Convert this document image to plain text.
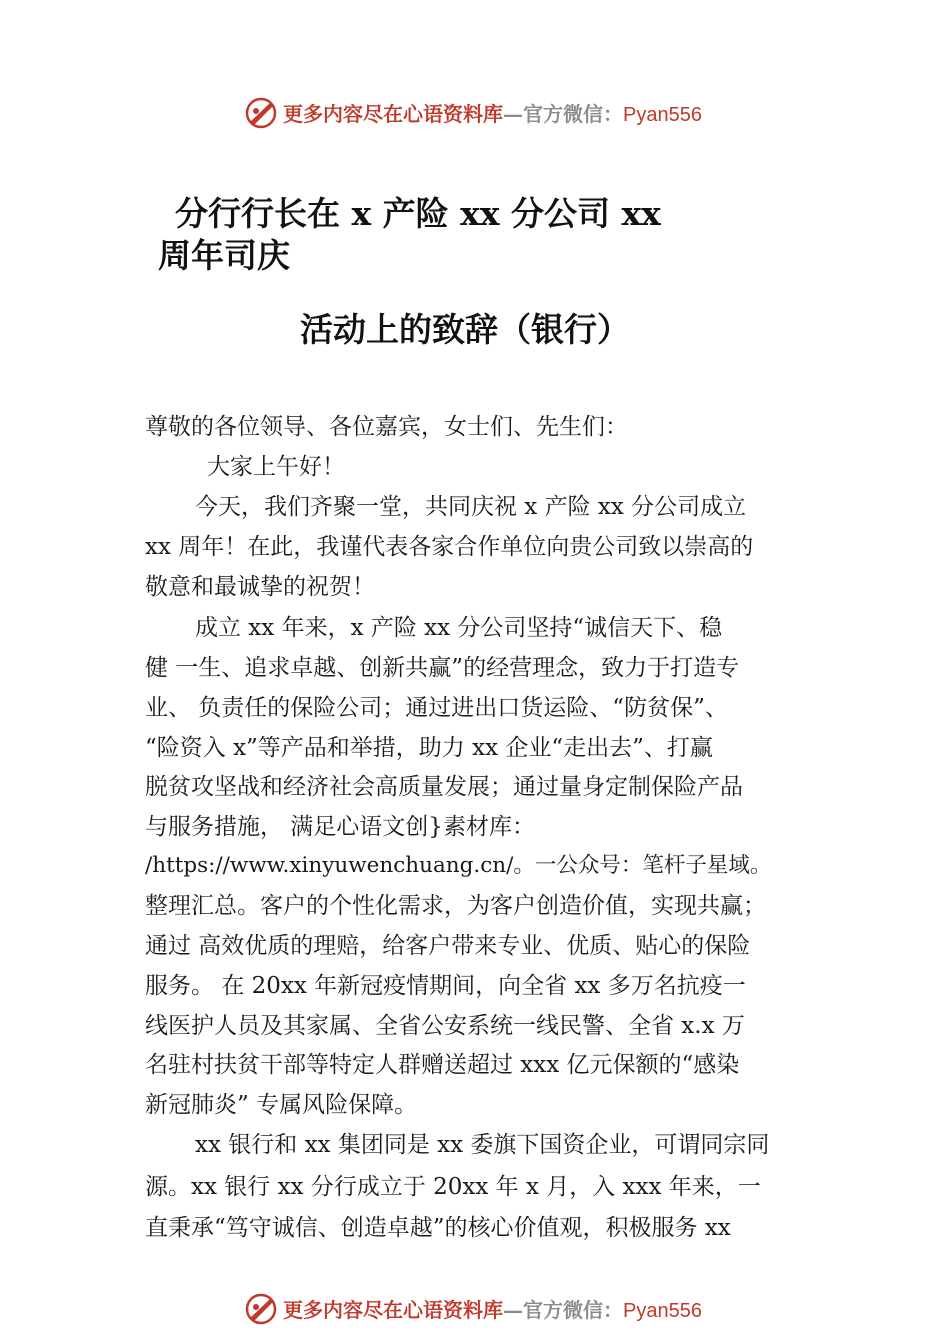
更多内容尽在心语资料库—官方微信：Pyan556
分行行长在 x 产险 xx 分公司 xx
周年司庆
活动上的致辞（银行）
尊敬的各位领导、各位嘉宾，女士们、先生们：
大家上午好！
今天，我们齐聚一堂，共同庆祝 x 产险 xx 分公司成立
xx 周年！在此，我谨代表各家合作单位向贵公司致以崇高的
敬意和最诚挚的祝贺！
成立 xx 年来，x 产险 xx 分公司坚持“诚信天下、稳
健 一生、追求卓越、创新共赢”的经营理念，致力于打造专
业、 负责任的保险公司；通过进出口货运险、“防贫保”、
“险资入 x”等产品和举措，助力 xx 企业“走出去”、打赢
脱贫攻坚战和经济社会高质量发展；通过量身定制保险产品
与服务措施， 满足心语文创}素材库：
/https://www.xinyuwenchuang.cn/。一公众号：笔杆子星域。
整理汇总。客户的个性化需求，为客户创造价值，实现共赢；
通过 高效优质的理赔，给客户带来专业、优质、贴心的保险
服务。 在 20xx 年新冠疫情期间，向全省 xx 多万名抗疫一
线医护人员及其家属、全省公安系统一线民警、全省 x.x 万
名驻村扶贫干部等特定人群赠送超过 xxx 亿元保额的“感染
新冠肺炎” 专属风险保障。
xx 银行和 xx 集团同是 xx 委旗下国资企业，可谓同宗同
源。xx 银行 xx 分行成立于 20xx 年 x 月，入 xxx 年来，一
直秉承“笃守诚信、创造卓越”的核心价值观，积极服务 xx
更多内容尽在心语资料库—官方微信：Pyan556
